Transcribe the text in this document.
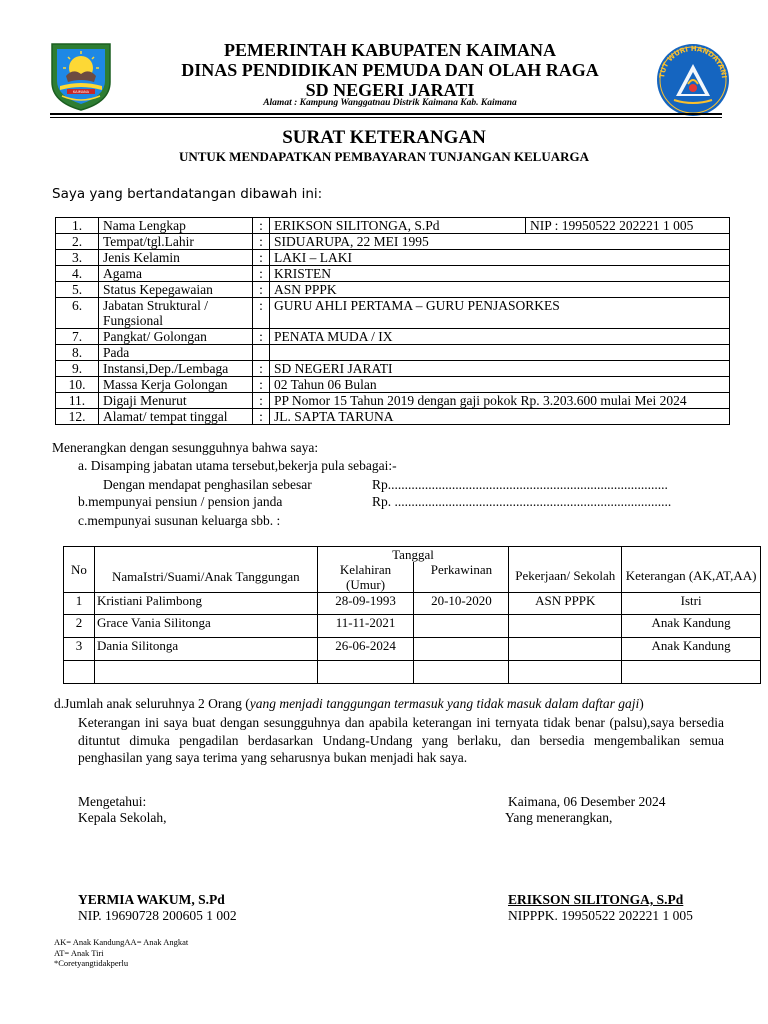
KAIMANA
TUT WURI HANDAYANI
PEMERINTAH KABUPATEN KAIMANA
DINAS PENDIDIKAN PEMUDA DAN OLAH RAGA
SD NEGERI JARATI
Alamat : Kampung Wanggatnau Distrik Kaimana Kab. Kaimana
SURAT KETERANGAN
UNTUK MENDAPATKAN PEMBAYARAN TUNJANGAN KELUARGA
Saya yang bertandatangan dibawah ini:
1.	Nama Lengkap	:	ERIKSON SILITONGA, S.Pd	NIP : 19950522 202221 1 005
2.	Tempat/tgl.Lahir	:	SIDUARUPA, 22 MEI 1995	
3.	Jenis Kelamin	:	LAKI – LAKI	
4.	Agama	:	KRISTEN	
5.	Status Kepegawaian	:	ASN PPPK	
6.	Jabatan Struktural / Fungsional	:	GURU AHLI PERTAMA – GURU PENJASORKES	
7.	Pangkat/ Golongan	:	PENATA MUDA / IX	
8.	Pada			
9.	Instansi,Dep./Lembaga	:	SD NEGERI JARATI	
10.	Massa Kerja Golongan	:	02 Tahun 06 Bulan	
11.	Digaji Menurut	:	PP Nomor 15 Tahun 2019 dengan gaji pokok Rp. 3.203.600 mulai Mei 2024	
12.	Alamat/ tempat tinggal	:	JL. SAPTA TARUNA	
Menerangkan dengan sesungguhnya bahwa saya:
a. Disamping jabatan utama tersebut,bekerja pula sebagai:-
Dengan mendapat penghasilan sebesar	Rp...................................................................................
b.mempunyai pensiun / pension janda	Rp. ..................................................................................
c.mempunyai susunan keluarga sbb. :
No	NamaIstri/Suami/Anak Tanggungan	Tanggal		Pekerjaan/ Sekolah	Keterangan (AK,AT,AA)
		Kelahiran (Umur)	Perkawinan		
1	Kristiani Palimbong	28-09-1993	20-10-2020	ASN PPPK	Istri
2	Grace Vania Silitonga	11-11-2021			Anak Kandung
3	Dania Silitonga	26-06-2024			Anak Kandung

d.Jumlah anak seluruhnya 2 Orang (yang menjadi tanggungan termasuk yang tidak masuk dalam daftar gaji)
Keterangan ini saya buat dengan sesungguhnya dan apabila keterangan ini ternyata tidak benar (palsu),saya bersedia dituntut dimuka pengadilan berdasarkan Undang-Undang yang berlaku, dan bersedia mengembalikan semua penghasilan yang saya terima yang seharusnya bukan menjadi hak saya.
Mengetahui:
Kepala Sekolah,
Kaimana, 06 Desember 2024
Yang menerangkan,
YERMIA WAKUM, S.Pd
NIP. 19690728 200605 1 002
ERIKSON SILITONGA, S.Pd
NIPPPK. 19950522 202221 1 005
AK= Anak KandungAA= Anak Angkat
AT= Anak Tiri
*Coretyangtidakperlu
